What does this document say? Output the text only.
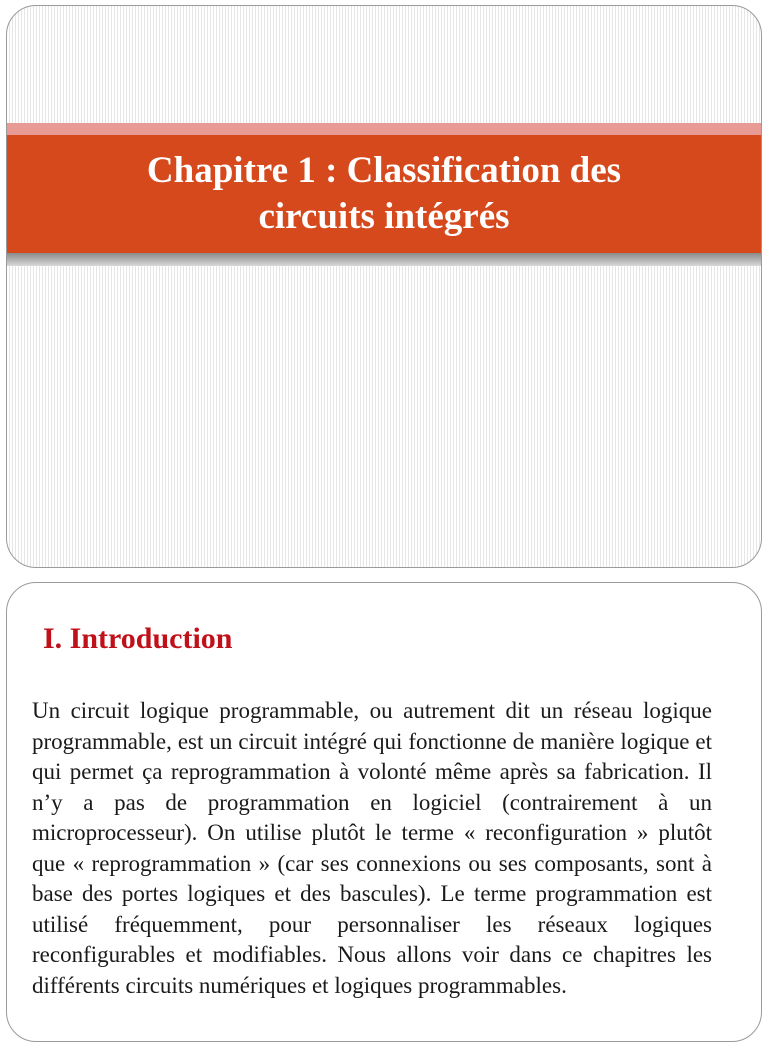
Chapitre 1 : Classification des
circuits intégrés
I. Introduction

Un circuit logique programmable, ou autrement dit un réseau logique programmable, est un circuit intégré qui fonctionne de manière logique et qui permet ça reprogrammation à volonté même après sa fabrication. Il n’y a pas de programmation en logiciel (contrairement à un microprocesseur). On utilise plutôt le terme « reconfiguration » plutôt que « reprogrammation » (car ses connexions ou ses composants, sont à base des portes logiques et des bascules). Le terme programmation est utilisé fréquemment, pour personnaliser les réseaux logiques reconfigurables et modifiables. Nous allons voir dans ce chapitres les différents circuits numériques et logiques programmables.
